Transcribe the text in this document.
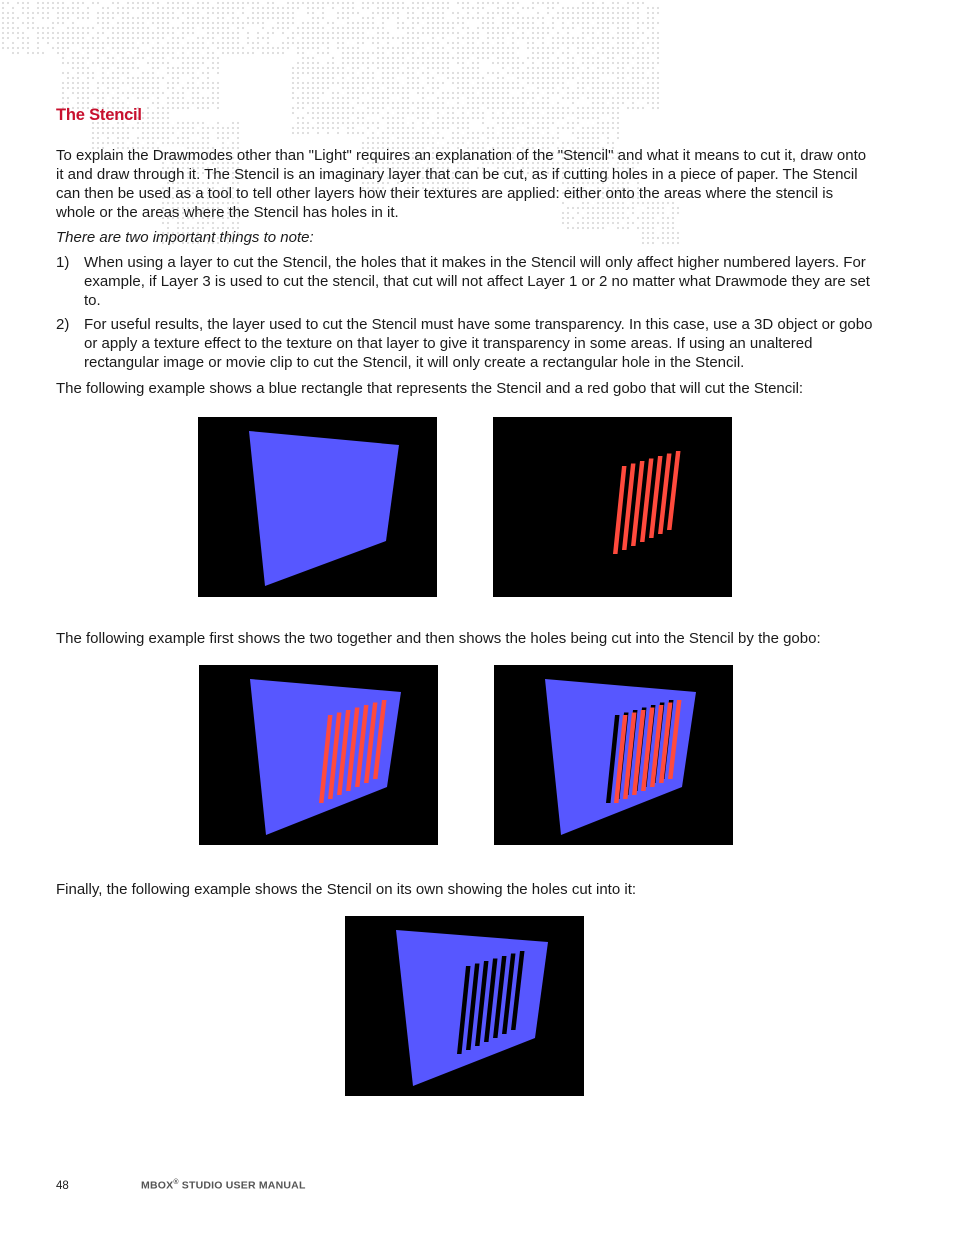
The Stencil

To explain the Drawmodes other than "Light" requires an explanation of the "Stencil" and what it means to cut it, draw onto it and draw through it. The Stencil is an imaginary layer that can be cut, as if cutting holes in a piece of paper. The Stencil can then be used as a tool to tell other layers how their textures are applied: either onto the areas where the stencil is whole or the areas where the Stencil has holes in it.

There are two important things to note:

1) When using a layer to cut the Stencil, the holes that it makes in the Stencil will only affect higher numbered layers. For example, if Layer 3 is used to cut the stencil, that cut will not affect Layer 1 or 2 no matter what Drawmode they are set to.
2) For useful results, the layer used to cut the Stencil must have some transparency. In this case, use a 3D object or gobo or apply a texture effect to the texture on that layer to give it transparency in some areas. If using an unaltered rectangular image or movie clip to cut the Stencil, it will only create a rectangular hole in the Stencil.

The following example shows a blue rectangle that represents the Stencil and a red gobo that will cut the Stencil:

The following example first shows the two together and then shows the holes being cut into the Stencil by the gobo:

Finally, the following example shows the Stencil on its own showing the holes cut into it:

48	MBOX® STUDIO USER MANUAL
